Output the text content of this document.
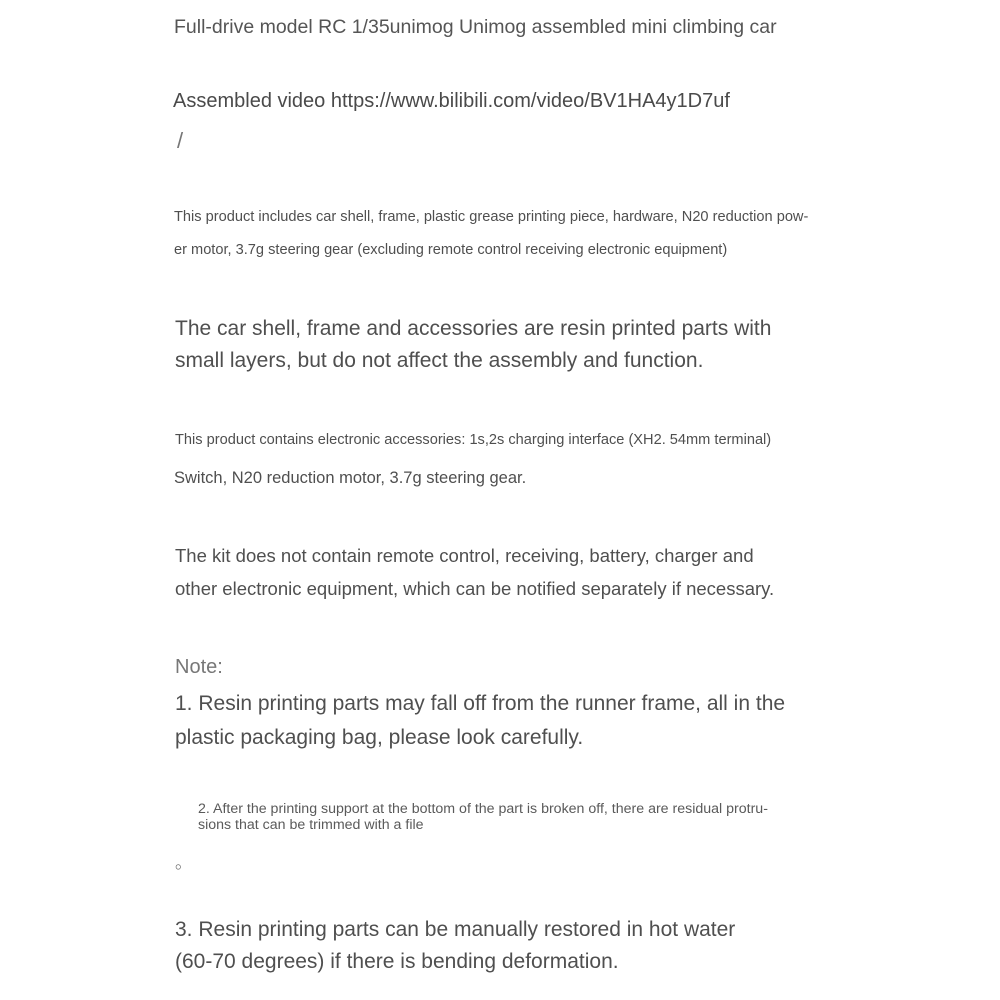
Full-drive model RC 1/35unimog Unimog assembled mini climbing car

Assembled video https://www.bilibili.com/video/BV1HA4y1D7uf

/

This product includes car shell, frame, plastic grease printing piece, hardware, N20 reduction pow-

er motor, 3.7g steering gear (excluding remote control receiving electronic equipment)

The car shell, frame and accessories are resin printed parts with

small layers, but do not affect the assembly and function.

This product contains electronic accessories: 1s,2s charging interface (XH2. 54mm terminal)

Switch, N20 reduction motor, 3.7g steering gear.

The kit does not contain remote control, receiving, battery, charger and

other electronic equipment, which can be notified separately if necessary.

Note:

1. Resin printing parts may fall off from the runner frame, all in the

plastic packaging bag, please look carefully.

2. After the printing support at the bottom of the part is broken off, there are residual protru-

sions that can be trimmed with a file

。

3. Resin printing parts can be manually restored in hot water

(60-70 degrees) if there is bending deformation.
